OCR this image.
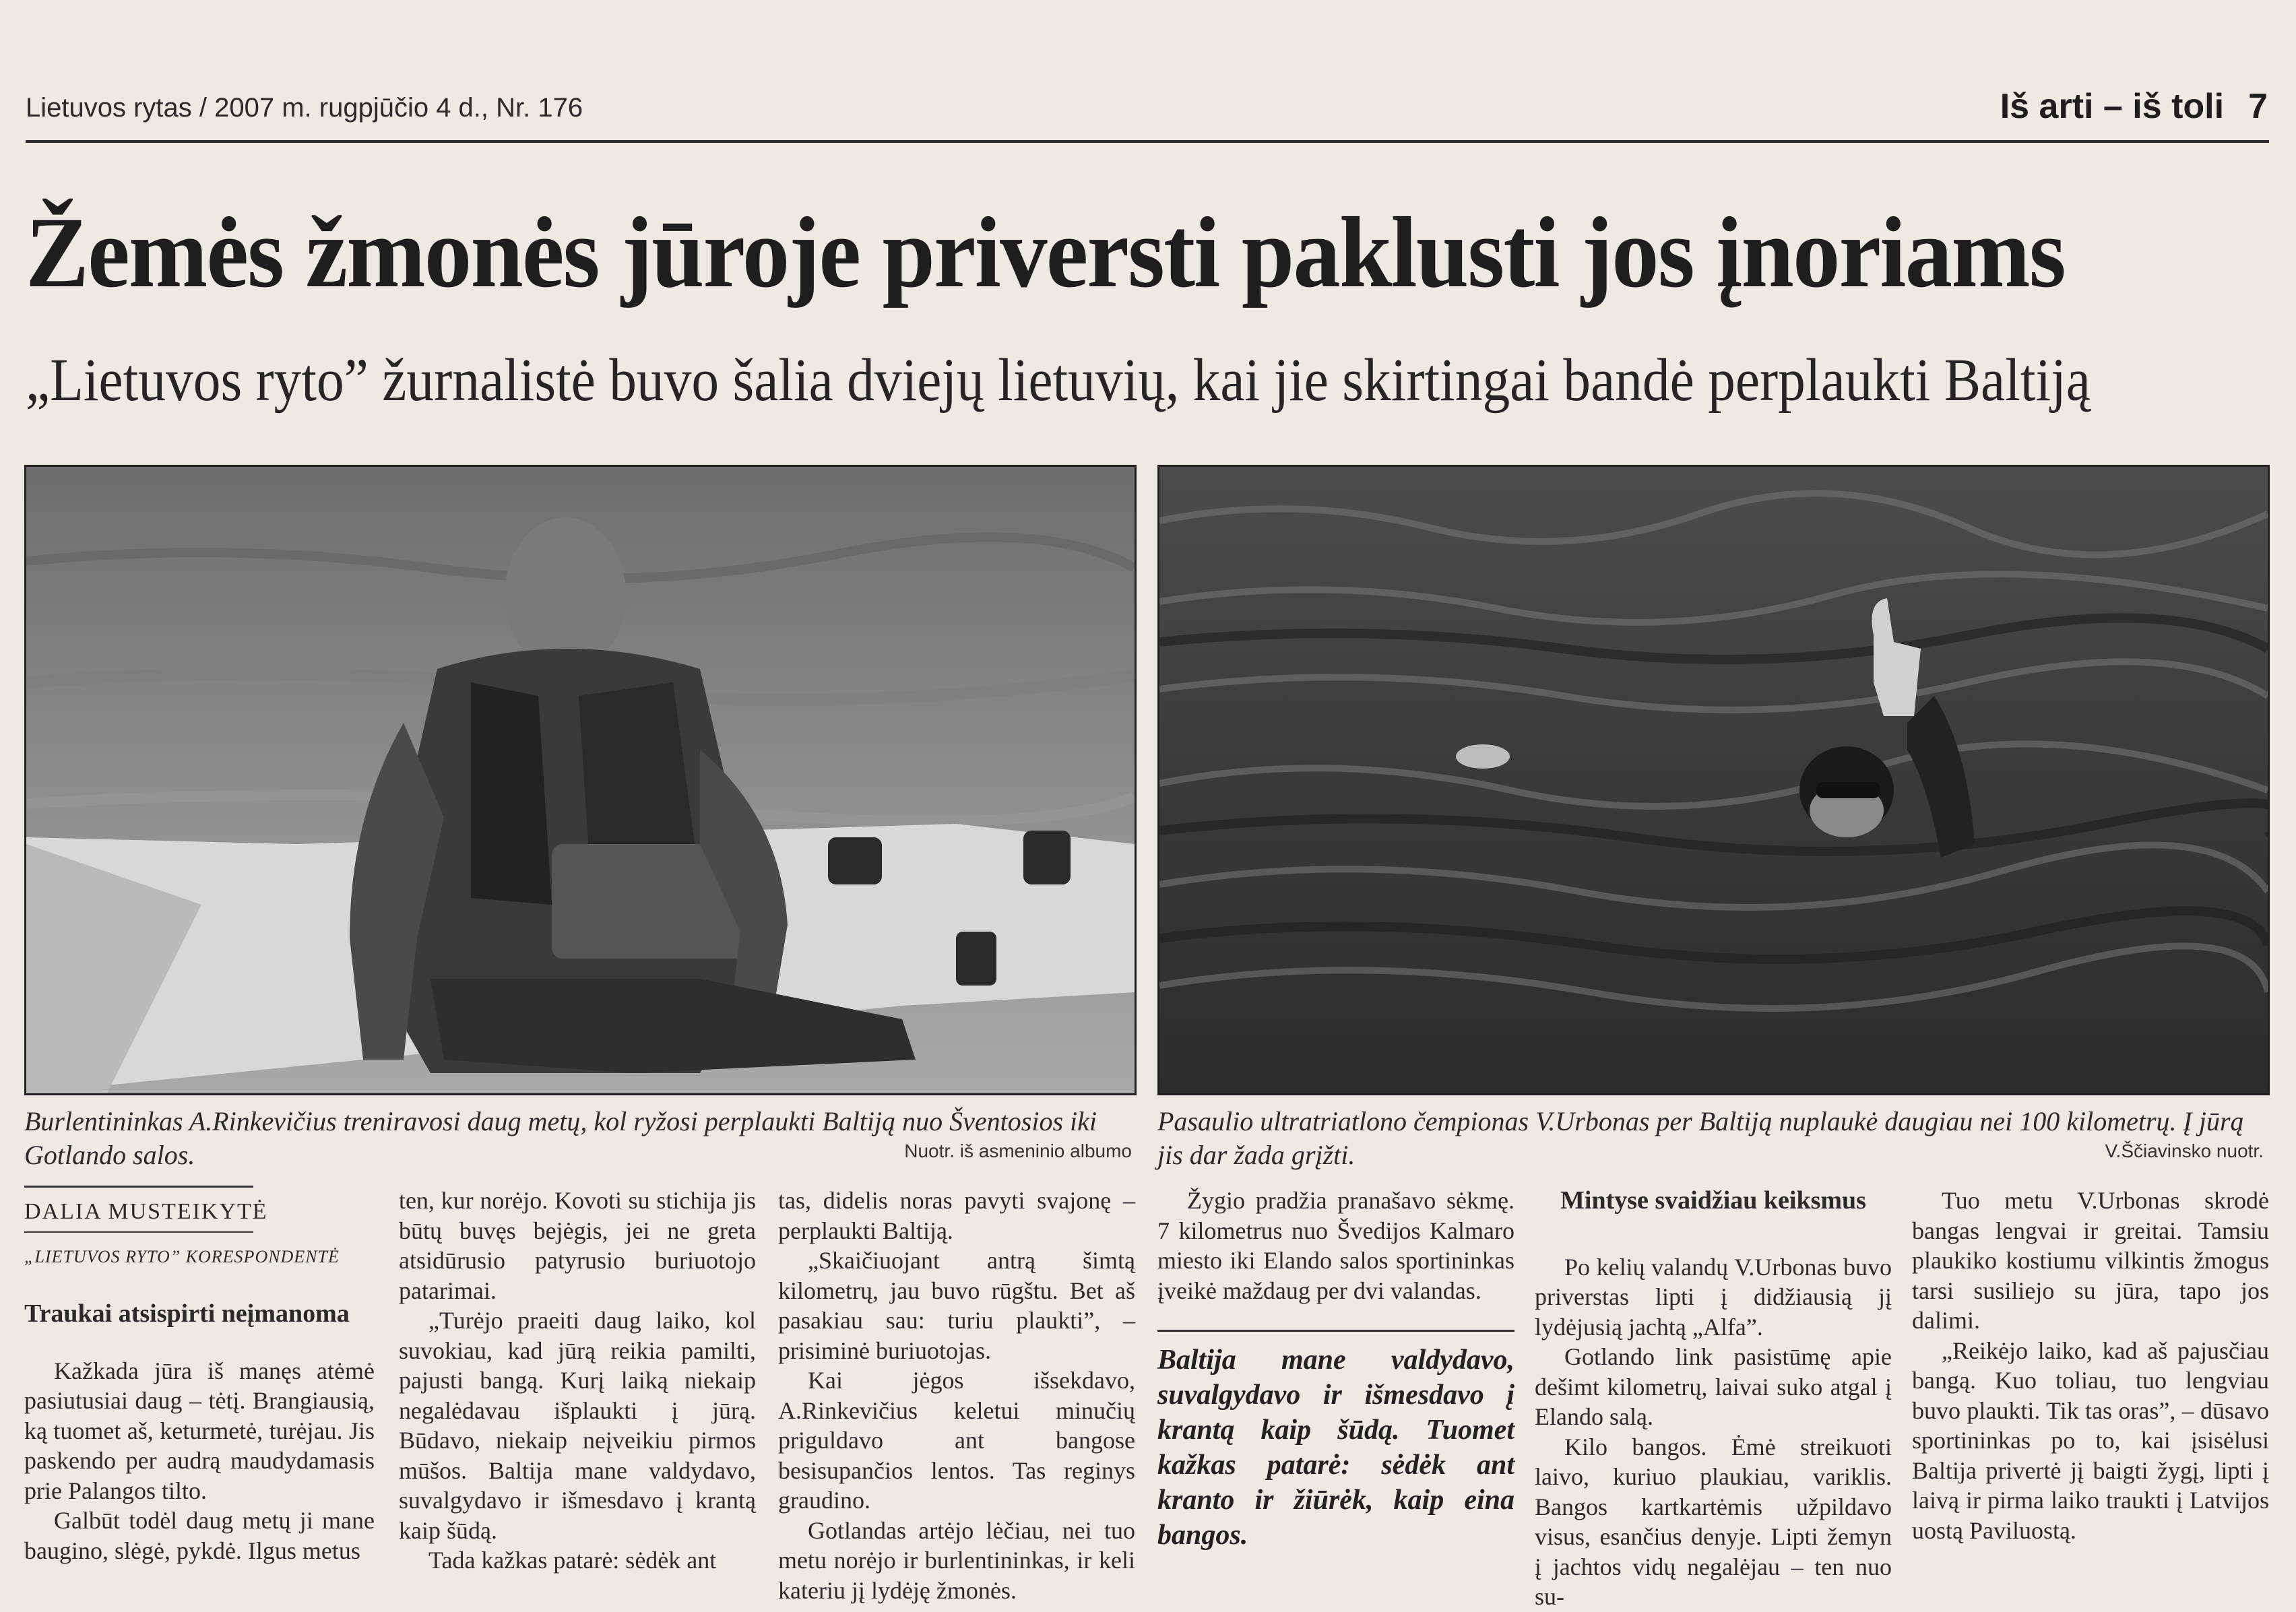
Lietuvos rytas / 2007 m. rugpjūčio 4 d., Nr. 176	Iš arti – iš toli 7
Žemės žmonės jūroje priversti paklusti jos įnoriams
„Lietuvos ryto” žurnalistė buvo šalia dviejų lietuvių, kai jie skirtingai bandė perplaukti Baltiją
Burlentininkas A.Rinkevičius treniravosi daug metų, kol ryžosi perplaukti Baltiją nuo Šventosios iki Gotlando salos.	Nuotr. iš asmeninio albumo
Pasaulio ultratriatlono čempionas V.Urbonas per Baltiją nuplaukė daugiau nei 100 kilometrų. Į jūrą jis dar žada grįžti.	V.Ščiavinsko nuotr.
DALIA MUSTEIKYTĖ
„LIETUVOS RYTO” KORESPONDENTĖ
Traukai atsispirti neįmanoma

Kažkada jūra iš manęs atėmė pasiutusiai daug – tėtį. Brangiausią, ką tuomet aš, keturmetė, turėjau. Jis paskendo per audrą maudydamasis prie Palangos tilto.

Galbūt todėl daug metų ji mane baugino, slėgė, pykdė. Ilgus metus

ten, kur norėjo. Kovoti su stichija jis būtų buvęs bejėgis, jei ne greta atsidūrusio patyrusio buriuotojo patarimai.

„Turėjo praeiti daug laiko, kol suvokiau, kad jūrą reikia pamilti, pajusti bangą. Kurį laiką niekaip negalėdavau išplaukti į jūrą. Būdavo, niekaip neįveikiu pirmos mūšos. Baltija mane valdydavo, suvalgydavo ir išmesdavo į krantą kaip šūdą.

Tada kažkas patarė: sėdėk ant

tas, didelis noras pavyti svajonę – perplaukti Baltiją.

„Skaičiuojant antrą šimtą kilometrų, jau buvo rūgštu. Bet aš pasakiau sau: turiu plaukti”, – prisiminė buriuotojas.

Kai jėgos išsekdavo, A.Rinkevičius keletui minučių priguldavo ant bangose besisupančios lentos. Tas reginys graudino.

Gotlandas artėjo lėčiau, nei tuo metu norėjo ir burlentininkas, ir keli kateriu jį lydėję žmonės.

Žygio pradžia pranašavo sėkmę. 7 kilometrus nuo Švedijos Kalmaro miesto iki Elando salos sportininkas įveikė maždaug per dvi valandas.

Baltija mane valdydavo, suvalgydavo ir išmesdavo į krantą kaip šūdą. Tuomet kažkas patarė: sėdėk ant kranto ir žiūrėk, kaip eina bangos.
Mintyse svaidžiau keiksmus

Po kelių valandų V.Urbonas buvo priverstas lipti į didžiausią jį lydėjusią jachtą „Alfa”.

Gotlando link pasistūmę apie dešimt kilometrų, laivai suko atgal į Elando salą.

Kilo bangos. Ėmė streikuoti laivo, kuriuo plaukiau, variklis. Bangos kartkartėmis užpildavo visus, esančius denyje. Lipti žemyn į jachtos vidų negalėjau – ten nuo su-

Tuo metu V.Urbonas skrodė bangas lengvai ir greitai. Tamsiu plaukiko kostiumu vilkintis žmogus tarsi susiliejo su jūra, tapo jos dalimi.

„Reikėjo laiko, kad aš pajusčiau bangą. Kuo toliau, tuo lengviau buvo plaukti. Tik tas oras”, – dūsavo sportininkas po to, kai įsisėlusi Baltija privertė jį baigti žygį, lipti į laivą ir pirma laiko traukti į Latvijos uostą Paviluostą.
